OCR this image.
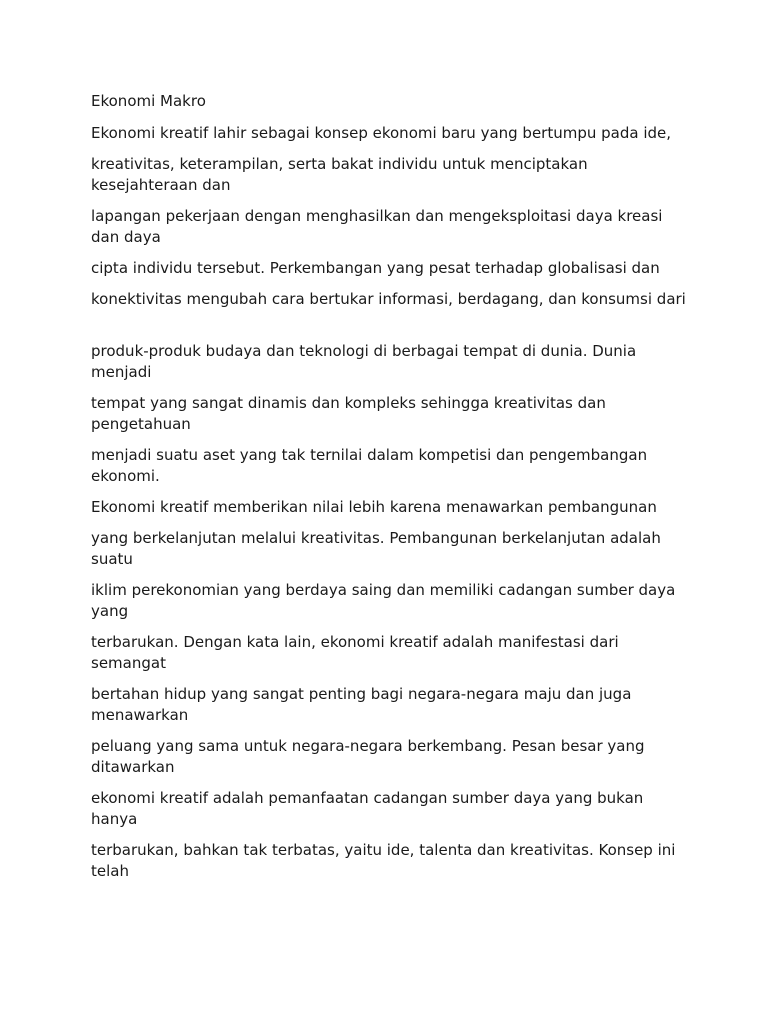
Ekonomi Makro

Ekonomi kreatif lahir sebagai konsep ekonomi baru yang bertumpu pada ide,

kreativitas, keterampilan, serta bakat individu untuk menciptakan kesejahteraan dan

lapangan pekerjaan dengan menghasilkan dan mengeksploitasi daya kreasi dan daya

cipta individu tersebut. Perkembangan yang pesat terhadap globalisasi dan

konektivitas mengubah cara bertukar informasi, berdagang, dan konsumsi dari

produk-produk budaya dan teknologi di berbagai tempat di dunia. Dunia menjadi

tempat yang sangat dinamis dan kompleks sehingga kreativitas dan pengetahuan

menjadi suatu aset yang tak ternilai dalam kompetisi dan pengembangan ekonomi.

Ekonomi kreatif memberikan nilai lebih karena menawarkan pembangunan

yang berkelanjutan melalui kreativitas. Pembangunan berkelanjutan adalah suatu

iklim perekonomian yang berdaya saing dan memiliki cadangan sumber daya yang

terbarukan. Dengan kata lain, ekonomi kreatif adalah manifestasi dari semangat

bertahan hidup yang sangat penting bagi negara-negara maju dan juga menawarkan

peluang yang sama untuk negara-negara berkembang. Pesan besar yang ditawarkan

ekonomi kreatif adalah pemanfaatan cadangan sumber daya yang bukan hanya

terbarukan, bahkan tak terbatas, yaitu ide, talenta dan kreativitas. Konsep ini telah
